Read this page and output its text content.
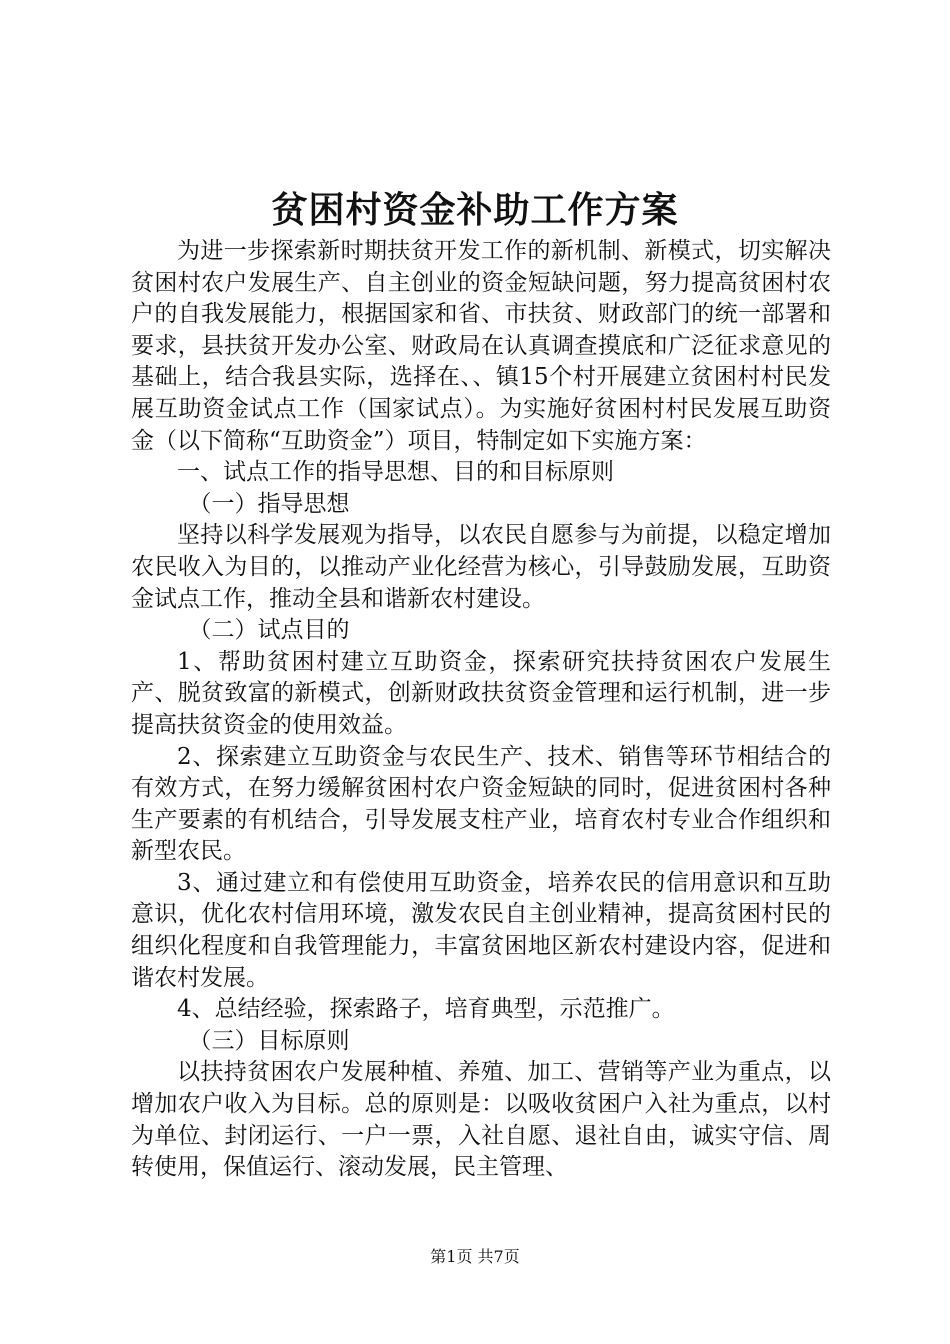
贫困村资金补助工作方案

为进一步探索新时期扶贫开发工作的新机制、新模式，切实解决贫困村农户发展生产、自主创业的资金短缺问题，努力提高贫困村农户的自我发展能力，根据国家和省、市扶贫、财政部门的统一部署和要求，县扶贫开发办公室、财政局在认真调查摸底和广泛征求意见的基础上，结合我县实际，选择在、、镇15个村开展建立贫困村村民发展互助资金试点工作（国家试点）。为实施好贫困村村民发展互助资金（以下简称“互助资金”）项目，特制定如下实施方案：

一、试点工作的指导思想、目的和目标原则

（一）指导思想

坚持以科学发展观为指导，以农民自愿参与为前提，以稳定增加农民收入为目的，以推动产业化经营为核心，引导鼓励发展，互助资金试点工作，推动全县和谐新农村建设。

（二）试点目的

1、帮助贫困村建立互助资金，探索研究扶持贫困农户发展生产、脱贫致富的新模式，创新财政扶贫资金管理和运行机制，进一步提高扶贫资金的使用效益。

2、探索建立互助资金与农民生产、技术、销售等环节相结合的有效方式，在努力缓解贫困村农户资金短缺的同时，促进贫困村各种生产要素的有机结合，引导发展支柱产业，培育农村专业合作组织和新型农民。

3、通过建立和有偿使用互助资金，培养农民的信用意识和互助意识，优化农村信用环境，激发农民自主创业精神，提高贫困村民的组织化程度和自我管理能力，丰富贫困地区新农村建设内容，促进和谐农村发展。

4、总结经验，探索路子，培育典型，示范推广。

（三）目标原则

以扶持贫困农户发展种植、养殖、加工、营销等产业为重点，以增加农户收入为目标。总的原则是：以吸收贫困户入社为重点，以村为单位、封闭运行、一户一票，入社自愿、退社自由，诚实守信、周转使用，保值运行、滚动发展，民主管理、

第1页 共7页
